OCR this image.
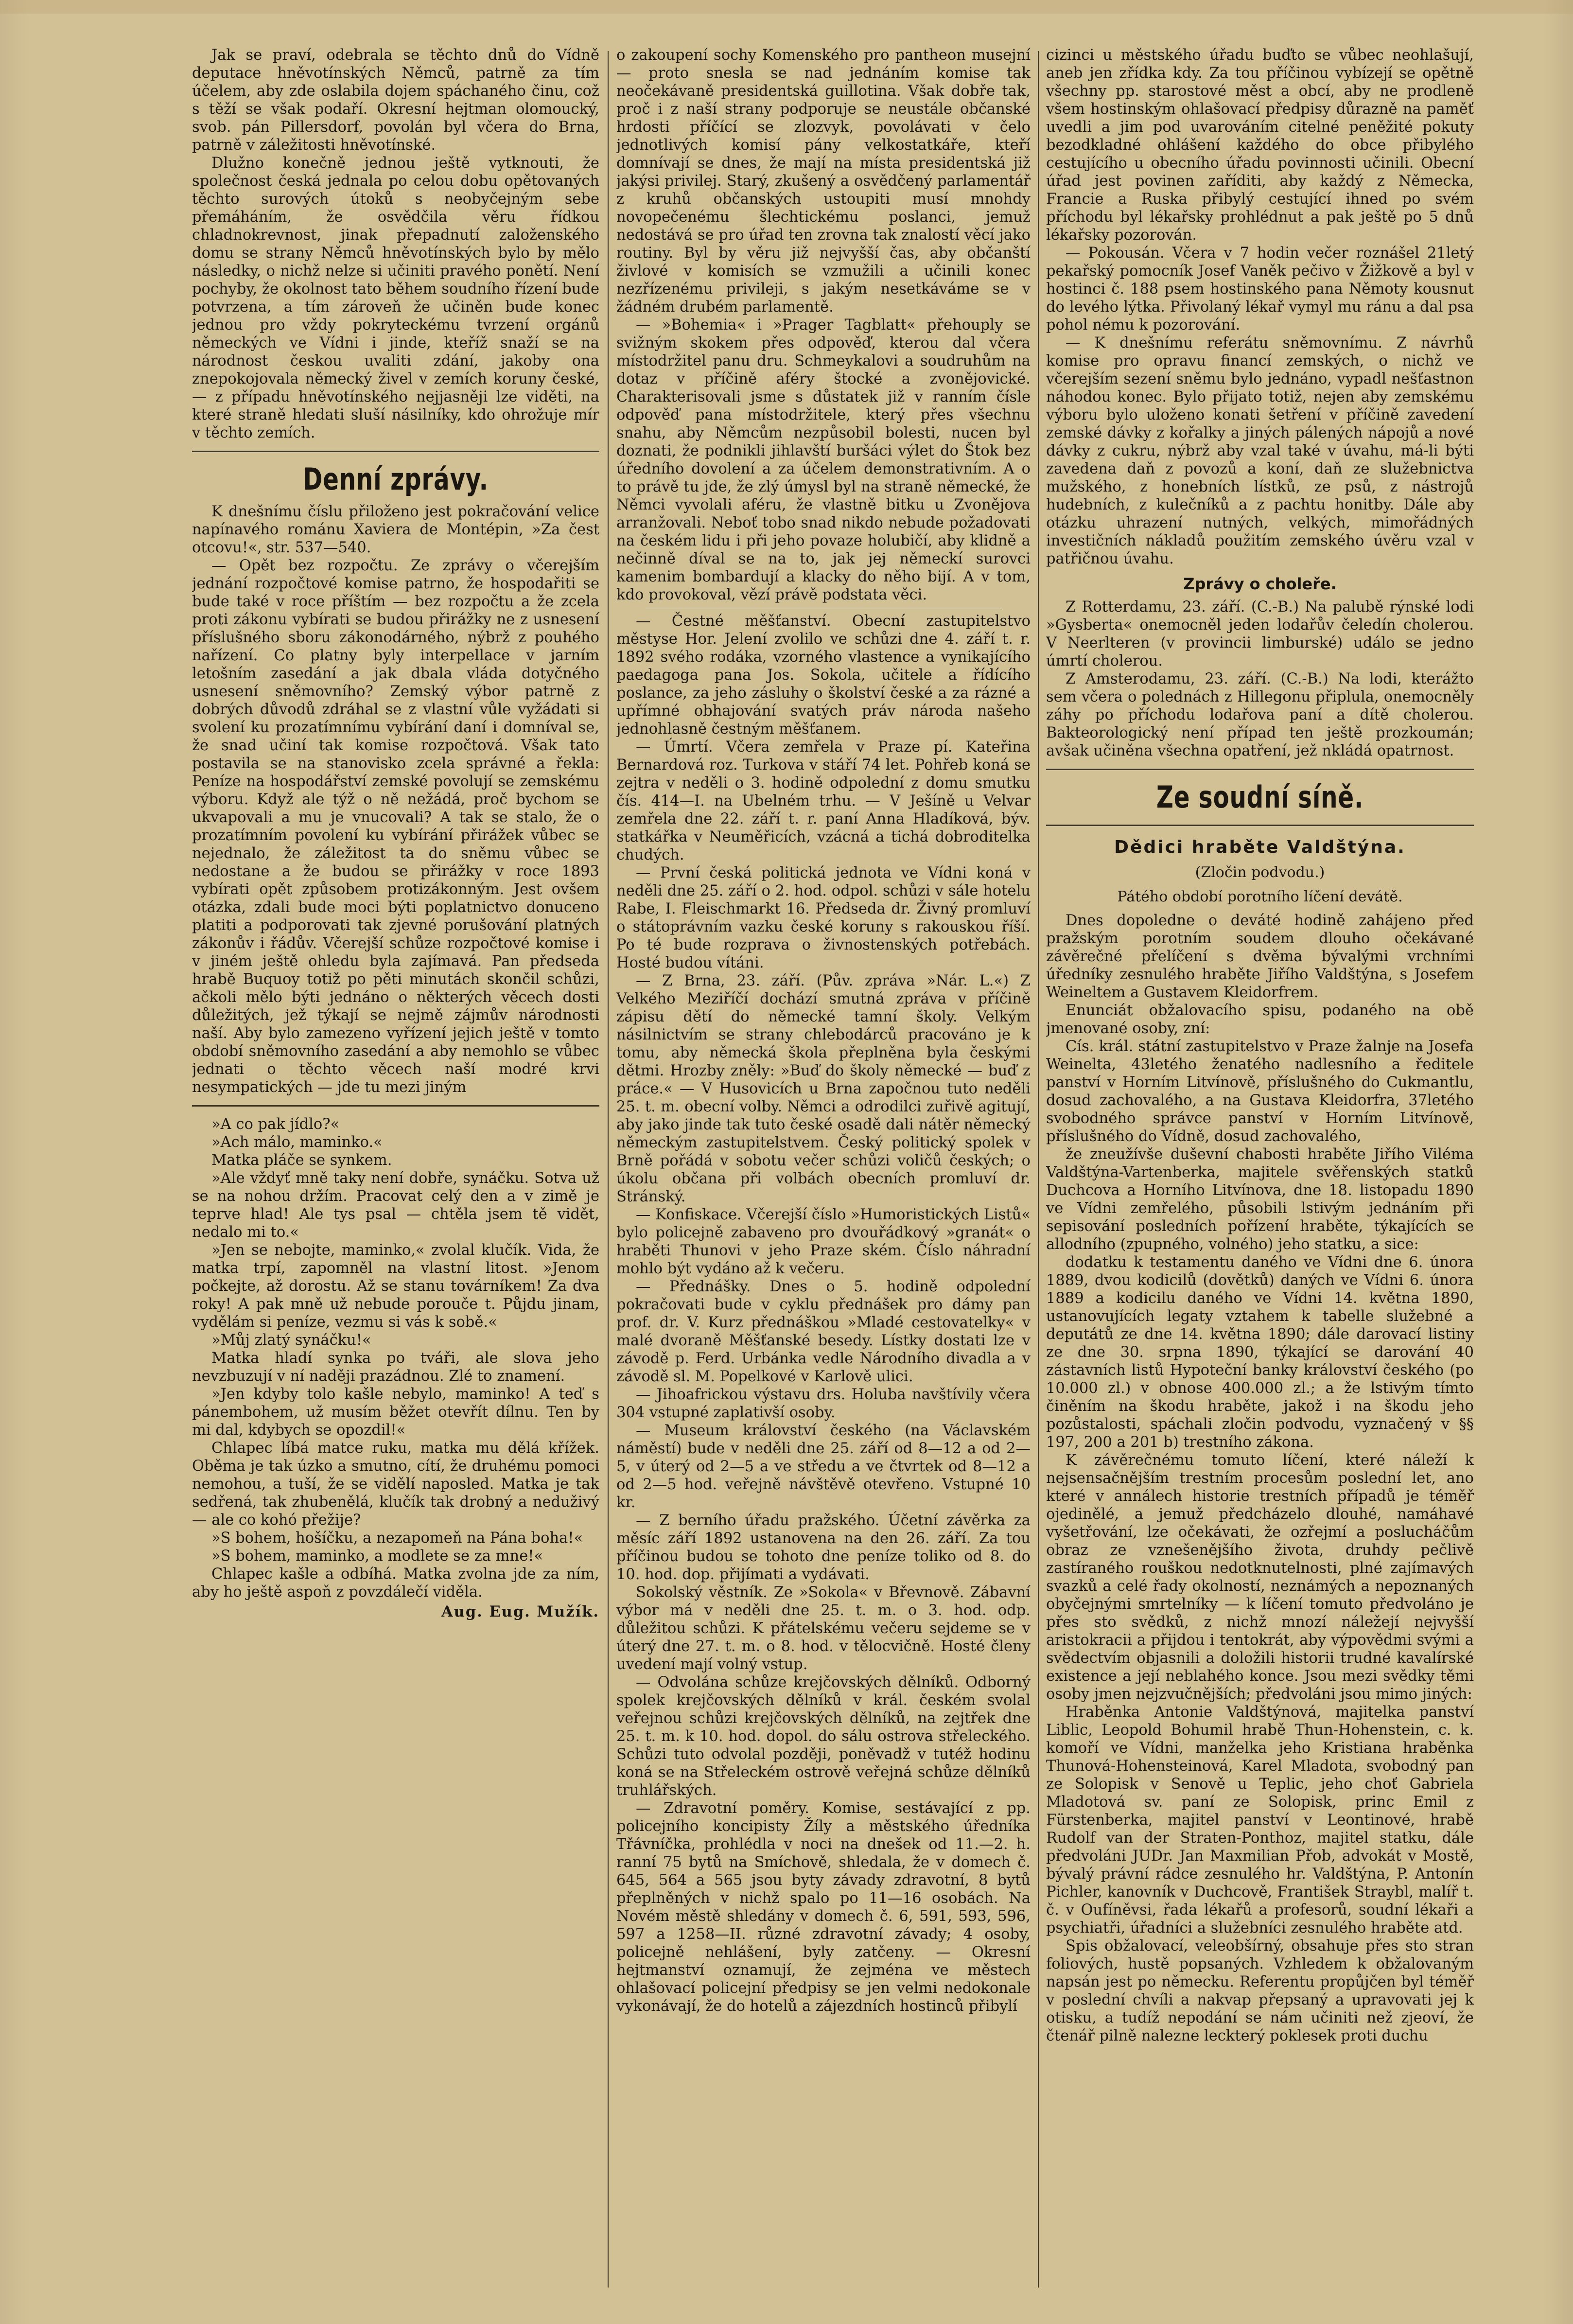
Jak se praví, odebrala se těchto dnů do Vídně deputace hněvotínských Němců, patrně za tím účelem, aby zde oslabila dojem spáchaného činu, což s těží se však podaří. Okresní hejtman olomoucký, svob. pán Pillersdorf, povolán byl včera do Brna, patrně v záležitosti hněvotínské.

Dlužno konečně jednou ještě vytknouti, že společnost česká jednala po celou dobu opětovaných těchto surových útoků s neobyčejným sebe přemáháním, že osvědčila věru řídkou chladnokrevnost, jinak přepadnutí založenského domu se strany Němců hněvotínských bylo by mělo následky, o nichž nelze si učiniti pravého ponětí. Není pochyby, že okolnost tato během soudního řízení bude potvrzena, a tím zároveň že učiněn bude konec jednou pro vždy pokryteckému tvrzení orgánů německých ve Vídni i jinde, kteříž snaží se na národnost českou uvaliti zdání, jakoby ona znepokojovala německý živel v zemích koruny české, — z případu hněvotínského nejjasněji lze viděti, na které straně hledati sluší násilníky, kdo ohrožuje mír v těchto zemích.

Denní zprávy.

K dnešnímu číslu přiloženo jest pokračování velice napínavého románu Xaviera de Montépin, »Za čest otcovu!«, str. 537—540.

— Opět bez rozpočtu. Ze zprávy o včerejším jednání rozpočtové komise patrno, že hospodařiti se bude také v roce příštím — bez rozpočtu a že zcela proti zákonu vybírati se budou přirážky ne z usnesení příslušného sboru zákonodárného, nýbrž z pouhého nařízení. Co platny byly interpellace v jarním letošním zasedání a jak dbala vláda dotyčného usnesení sněmovního? Zemský výbor patrně z dobrých důvodů zdráhal se z vlastní vůle vyžádati si svolení ku prozatímnímu vybírání daní i domníval se, že snad učiní tak komise rozpočtová. Však tato postavila se na stanovisko zcela správné a řekla: Peníze na hospodářství zemské povolují se zemskému výboru. Když ale týž o ně nežádá, proč bychom se ukvapovali a mu je vnucovali? A tak se stalo, že o prozatímním povolení ku vybírání přirážek vůbec se nejednalo, že záležitost ta do sněmu vůbec se nedostane a že budou se přirážky v roce 1893 vybírati opět způsobem protizákonným. Jest ovšem otázka, zdali bude moci býti poplatnictvo donuceno platiti a podporovati tak zjevné porušování platných zákonův i řádův. Včerejší schůze rozpočtové komise i v jiném ještě ohledu byla zajímavá. Pan předseda hrabě Buquoy totiž po pěti minutách skončil schůzi, ačkoli mělo býti jednáno o některých věcech dosti důležitých, jež týkají se nejmě zájmův národnosti naší. Aby bylo zamezeno vyřízení jejich ještě v tomto období sněmovního zasedání a aby nemohlo se vůbec jednati o těchto věcech naší modré krvi nesympatických — jde tu mezi jiným

»A co pak jídlo?«

»Ach málo, maminko.«

Matka pláče se synkem.

»Ale vždyť mně taky není dobře, synáčku. Sotva už se na nohou držím. Pracovat celý den a v zimě je teprve hlad! Ale tys psal — chtěla jsem tě vidět, nedalo mi to.«

»Jen se nebojte, maminko,« zvolal klučík. Vida, že matka trpí, zapomněl na vlastní litost. »Jenom počkejte, až dorostu. Až se stanu továrníkem! Za dva roky! A pak mně už nebude porouče t. Půjdu jinam, vydělám si peníze, vezmu si vás k sobě.«

»Můj zlatý synáčku!«

Matka hladí synka po tváři, ale slova jeho nevzbuzují v ní naději prazádnou. Zlé to znamení.

»Jen kdyby tolo kašle nebylo, maminko! A teď s pánembohem, už musím běžet otevřít dílnu. Ten by mi dal, kdybych se opozdil!«

Chlapec líbá matce ruku, matka mu dělá křížek. Oběma je tak úzko a smutno, cítí, že druhému pomoci nemohou, a tuší, že se vidělí naposled. Matka je tak sedřená, tak zhubenělá, klučík tak drobný a neduživý — ale co kohó přežije?

»S bohem, hošíčku, a nezapomeň na Pána boha!«

»S bohem, maminko, a modlete se za mne!«

Chlapec kašle a odbíhá. Matka zvolna jde za ním, aby ho ještě aspoň z povzdálečí viděla.

Aug. Eug. Mužík.

o zakoupení sochy Komenského pro pantheon musejní — proto snesla se nad jednáním komise tak neočekávaně presidentská guillotina. Však dobře tak, proč i z naší strany podporuje se neustále občanské hrdosti příčící se zlozvyk, povolávati v čelo jednotlivých komisí pány velkostatkáře, kteří domnívají se dnes, že mají na místa presidentská již jakýsi privilej. Starý, zkušený a osvědčený parlamentář z kruhů občanských ustoupiti musí mnohdy novopečenému šlechtickému poslanci, jemuž nedostává se pro úřad ten zrovna tak znalostí věcí jako routiny. Byl by věru již nejvyšší čas, aby občanští živlové v komisích se vzmužili a učinili konec nezřízenému privileji, s jakým nesetkáváme se v žádném drubém parlamentě.

— »Bohemia« i »Prager Tagblatt« přehouply se svižným skokem přes odpověď, kterou dal včera místodržitel panu dru. Schmeykalovi a soudruhům na dotaz v příčině aféry štocké a zvonějovické. Charakterisovali jsme s důstatek již v ranním čísle odpověď pana místodržitele, který přes všechnu snahu, aby Němcům nezpůsobil bolesti, nucen byl doznati, že podnikli jihlavští buršáci výlet do Štok bez úředního dovolení a za účelem demonstrativním. A o to právě tu jde, že zlý úmysl byl na straně německé, že Němci vyvolali aféru, že vlastně bitku u Zvonějova arranžovali. Neboť tobo snad nikdo nebude požadovati na českém lidu i při jeho povaze holubičí, aby klidně a nečinně díval se na to, jak jej německí surovci kamenim bombardují a klacky do něho bijí. A v tom, kdo provokoval, vězí právě podstata věci.

— Čestné měšťanství. Obecní zastupitelstvo městyse Hor. Jelení zvolilo ve schůzi dne 4. září t. r. 1892 svého rodáka, vzorného vlastence a vynikajícího paedagoga pana Jos. Sokola, učitele a řídícího poslance, za jeho zásluhy o školství české a za rázné a upřímné obhajování svatých práv národa našeho jednohlasně čestným měšťanem.

— Úmrtí. Včera zemřela v Praze pí. Kateřina Bernardová roz. Turkova v stáří 74 let. Pohřeb koná se zejtra v neděli o 3. hodině odpolední z domu smutku čís. 414—I. na Ubelném trhu. — V Ješíně u Velvar zemřela dne 22. září t. r. paní Anna Hladíková, býv. statkářka v Neuměřicích, vzácná a tichá dobroditelka chudých.

— První česká politická jednota ve Vídni koná v neděli dne 25. září o 2. hod. odpol. schůzi v sále hotelu Rabe, I. Fleischmarkt 16. Předseda dr. Živný promluví o státoprávním vazku české koruny s rakouskou říší. Po té bude rozprava o živnostenských potřebách. Hosté budou vítáni.

— Z Brna, 23. září. (Pův. zpráva »Nár. L.«) Z Velkého Meziříčí dochází smutná zpráva v příčině zápisu dětí do německé tamní školy. Velkým násilnictvím se strany chlebodárců pracováno je k tomu, aby německá škola přeplněna byla českými dětmi. Hrozby zněly: »Buď do školy německé — buď z práce.« — V Husovicích u Brna započnou tuto neděli 25. t. m. obecní volby. Němci a odrodilci zuřivě agitují, aby jako jinde tak tuto české osadě dali nátěr německý německým zastupitelstvem. Český politický spolek v Brně pořádá v sobotu večer schůzi voličů českých; o úkolu občana při volbách obecních promluví dr. Stránský.

— Konfiskace. Včerejší číslo »Humoristických Listů« bylo policejně zabaveno pro dvouřádkový »granát« o hraběti Thunovi v jeho Praze ském. Číslo náhradní mohlo být vydáno až k večeru.

— Přednášky. Dnes o 5. hodině odpolední pokračovati bude v cyklu přednášek pro dámy pan prof. dr. V. Kurz přednáškou »Mladé cestovatelky« v malé dvoraně Měšťanské besedy. Lístky dostati lze v závodě p. Ferd. Urbánka vedle Národního divadla a v závodě sl. M. Popelkové v Karlově ulici.

— Jihoafrickou výstavu drs. Holuba navštívily včera 304 vstupné zaplativší osoby.

— Museum království českého (na Václavském náměstí) bude v neděli dne 25. září od 8—12 a od 2—5, v úterý od 2—5 a ve středu a ve čtvrtek od 8—12 a od 2—5 hod. veřejně návštěvě otevřeno. Vstupné 10 kr.

— Z berního úřadu pražského. Účetní závěrka za měsíc září 1892 ustanovena na den 26. září. Za tou příčinou budou se tohoto dne peníze toliko od 8. do 10. hod. dop. přijímati a vydávati.

Sokolský věstník. Ze »Sokola« v Břevnově. Zábavní výbor má v neděli dne 25. t. m. o 3. hod. odp. důležitou schůzi. K přátelskému večeru sejdeme se v úterý dne 27. t. m. o 8. hod. v tělocvičně. Hosté členy uvedení mají volný vstup.

— Odvolána schůze krejčovských dělníků. Odborný spolek krejčovských dělníků v král. českém svolal veřejnou schůzi krejčovských dělníků, na zejtřek dne 25. t. m. k 10. hod. dopol. do sálu ostrova střeleckého. Schůzi tuto odvolal později, poněvadž v tutéž hodinu koná se na Střeleckém ostrově veřejná schůze dělníků truhlářských.

— Zdravotní poměry. Komise, sestávající z pp. policejního koncipisty Žíly a městského úředníka Třávníčka, prohlédla v noci na dnešek od 11.—2. h. ranní 75 bytů na Smíchově, shledala, že v domech č. 645, 564 a 565 jsou byty závady zdravotní, 8 bytů přeplněných v nichž spalo po 11—16 osobách. Na Novém městě shledány v domech č. 6, 591, 593, 596, 597 a 1258—II. různé zdravotní závady; 4 osoby, policejně nehlášení, byly zatčeny. — Okresní hejtmanství oznamují, že zejména ve městech ohlašovací policejní předpisy se jen velmi nedokonale vykonávají, že do hotelů a zájezdních hostinců přibylí

cizinci u městského úřadu buďto se vůbec neohlašují, aneb jen zřídka kdy. Za tou příčinou vybízejí se opětně všechny pp. starostové měst a obcí, aby ne prodleně všem hostinským ohlašovací předpisy důrazně na paměť uvedli a jim pod uvarováním citelné peněžité pokuty bezodkladné ohlášení každého do obce přibylého cestujícího u obecního úřadu povinnosti učinili. Obecní úřad jest povinen zaříditi, aby každý z Německa, Francie a Ruska přibylý cestující ihned po svém příchodu byl lékařsky prohlédnut a pak ještě po 5 dnů lékařsky pozorován.

— Pokousán. Včera v 7 hodin večer roznášel 21letý pekařský pomocník Josef Vaněk pečivo v Žižkově a byl v hostinci č. 188 psem hostinského pana Němoty kousnut do levého lýtka. Přivolaný lékař vymyl mu ránu a dal psa pohol nému k pozorování.

— K dnešnímu referátu sněmovnímu. Z návrhů komise pro opravu financí zemských, o nichž ve včerejším sezení sněmu bylo jednáno, vypadl nešťastnon náhodou konec. Bylo přijato totiž, nejen aby zemskému výboru bylo uloženo konati šetření v příčině zavedení zemské dávky z kořalky a jiných pálených nápojů a nové dávky z cukru, nýbrž aby vzal také v úvahu, má-li býti zavedena daň z povozů a koní, daň ze služebnictva mužského, z honebních lístků, ze psů, z nástrojů hudebních, z kulečníků a z pachtu honitby. Dále aby otázku uhrazení nutných, velkých, mimořádných investičních nákladů použitím zemského úvěru vzal v patřičnou úvahu.

Zprávy o choleře.

Z Rotterdamu, 23. září. (C.-B.) Na palubě rýnské lodi »Gysberta« onemocněl jeden lodařův čeledín cholerou. V Neerlteren (v provincii limburské) událo se jedno úmrtí cholerou.

Z Amsterodamu, 23. září. (C.-B.) Na lodi, kterážto sem včera o polednách z Hillegonu připlula, onemocněly záhy po příchodu lodařova paní a dítě cholerou. Bakteorologický není případ ten ještě prozkoumán; avšak učiněna všechna opatření, jež nkládá opatrnost.

Ze soudní síně.
Dědici hraběte Valdštýna.
(Zločin podvodu.)
Pátého období porotního líčení devátě.

Dnes dopoledne o deváté hodině zahájeno před pražským porotním soudem dlouho očekávané závěrečné přelíčení s dvěma bývalými vrchními úředníky zesnulého hraběte Jiřího Valdštýna, s Josefem Weineltem a Gustavem Kleidorfrem.

Enunciát obžalovacího spisu, podaného na obě jmenované osoby, zní:

Cís. král. státní zastupitelstvo v Praze žalnje na Josefa Weinelta, 43letého ženatého nadlesního a ředitele panství v Horním Litvínově, příslušného do Cukmantlu, dosud zachovalého, a na Gustava Kleidorfra, 37letého svobodného správce panství v Horním Litvínově, příslušného do Vídně, dosud zachovalého,

že zneužívše duševní chabosti hraběte Jiřího Viléma Valdštýna-Vartenberka, majitele svěřenských statků Duchcova a Horního Litvínova, dne 18. listopadu 1890 ve Vídni zemřelého, působili lstivým jednáním při sepisování posledních pořízení hraběte, týkajících se allodního (zpupného, volného) jeho statku, a sice:

dodatku k testamentu daného ve Vídni dne 6. února 1889, dvou kodicilů (dovětků) daných ve Vídni 6. února 1889 a kodicilu daného ve Vídni 14. května 1890, ustanovujících legaty vztahem k tabelle služebné a deputátů ze dne 14. května 1890; dále darovací listiny ze dne 30. srpna 1890, týkající se darování 40 zástavních listů Hypoteční banky království českého (po 10.000 zl.) v obnose 400.000 zl.; a že lstivým tímto činěním na škodu hraběte, jakož i na škodu jeho pozůstalosti, spáchali zločin podvodu, vyznačený v §§ 197, 200 a 201 b) trestního zákona.

K závěrečnému tomuto líčení, které náleží k nejsensačnějším trestním procesům poslední let, ano které v annálech historie trestních případů je téměř ojedinělé, a jemuž předcházelo dlouhé, namáhavé vyšetřování, lze očekávati, že ozřejmí a poslucháčům obraz ze vznešenějšího života, druhdy pečlivě zastíraného rouškou nedotknutelnosti, plné zajímavých svazků a celé řady okolností, neznámých a nepoznaných obyčejnými smrtelníky — k líčení tomuto předvoláno je přes sto svědků, z nichž mnozí náležejí nejvyšší aristokracii a přijdou i tentokrát, aby výpovědmi svými a svědectvím objasnili a doložili historii trudné kavalírské existence a její neblahého konce. Jsou mezi svědky těmi osoby jmen nejzvučnějších; předvoláni jsou mimo jiných:

Hraběnka Antonie Valdštýnová, majitelka panství Liblic, Leopold Bohumil hrabě Thun-Hohenstein, c. k. komoří ve Vídni, manželka jeho Kristiana hraběnka Thunová-Hohensteinová, Karel Mladota, svobodný pan ze Solopisk v Senově u Teplic, jeho choť Gabriela Mladotová sv. paní ze Solopisk, princ Emil z Fürstenberka, majitel panství v Leontinové, hrabě Rudolf van der Straten-Ponthoz, majitel statku, dále předvoláni JUDr. Jan Maxmilian Přob, advokát v Mostě, bývalý právní rádce zesnulého hr. Valdštýna, P. Antonín Pichler, kanovník v Duchcově, František Straybl, malíř t. č. v Oufíněvsi, řada lékařů a profesorů, soudní lékaři a psychiatři, úřadníci a služebníci zesnulého hraběte atd.

Spis obžalovací, veleobšírný, obsahuje přes sto stran foliových, hustě popsaných. Vzhledem k obžalovaným napsán jest po německu. Referentu propůjčen byl téměř v poslední chvíli a nakvap přepsaný a upravovati jej k otisku, a tudíž nepodání se nám učiniti než zjeoví, že čtenář pilně nalezne leckterý poklesek proti duchu
